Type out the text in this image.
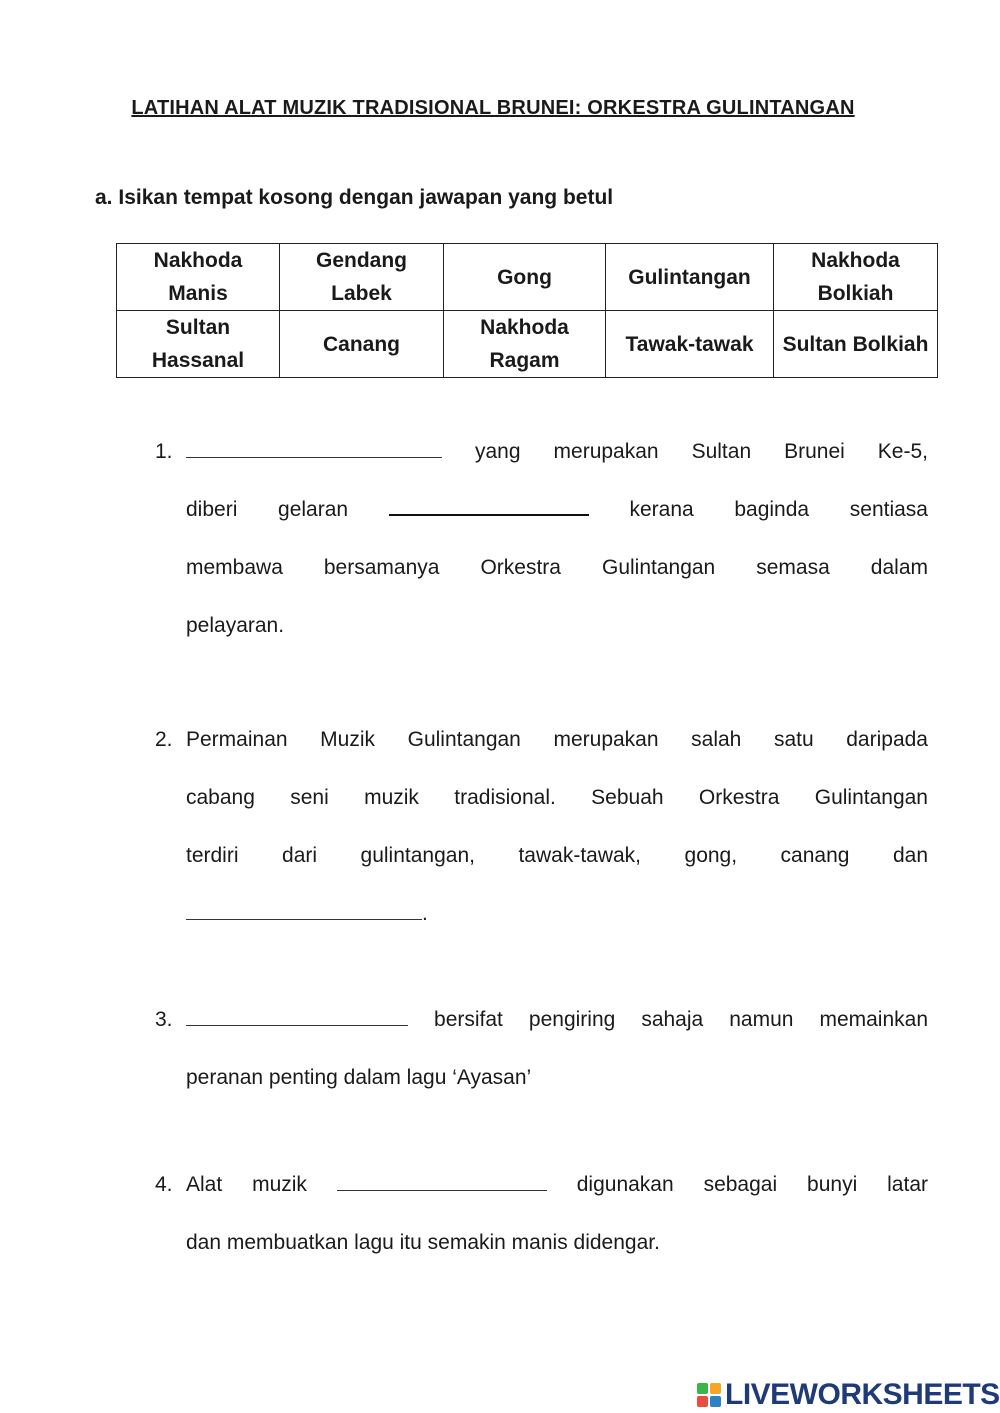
LATIHAN ALAT MUZIK TRADISIONAL BRUNEI: ORKESTRA GULINTANGAN
a. Isikan tempat kosong dengan jawapan yang betul
Nakhoda Manis	Gendang Labek	Gong	Gulintangan	Nakhoda Bolkiah
Sultan Hassanal	Canang	Nakhoda Ragam	Tawak-tawak	Sultan Bolkiah
1.	yang merupakan Sultan Brunei Ke-5,
diberi gelaran	kerana baginda sentiasa
membawa bersamanya Orkestra Gulintangan semasa dalam
pelayaran.
2. Permainan Muzik Gulintangan merupakan salah satu daripada
cabang seni muzik tradisional. Sebuah Orkestra Gulintangan
terdiri dari gulintangan, tawak-tawak, gong, canang dan
.
3.	bersifat pengiring sahaja namun memainkan
peranan penting dalam lagu ‘Ayasan’
4. Alat muzik	digunakan sebagai bunyi latar
dan membuatkan lagu itu semakin manis didengar.
LIVEWORKSHEETS
